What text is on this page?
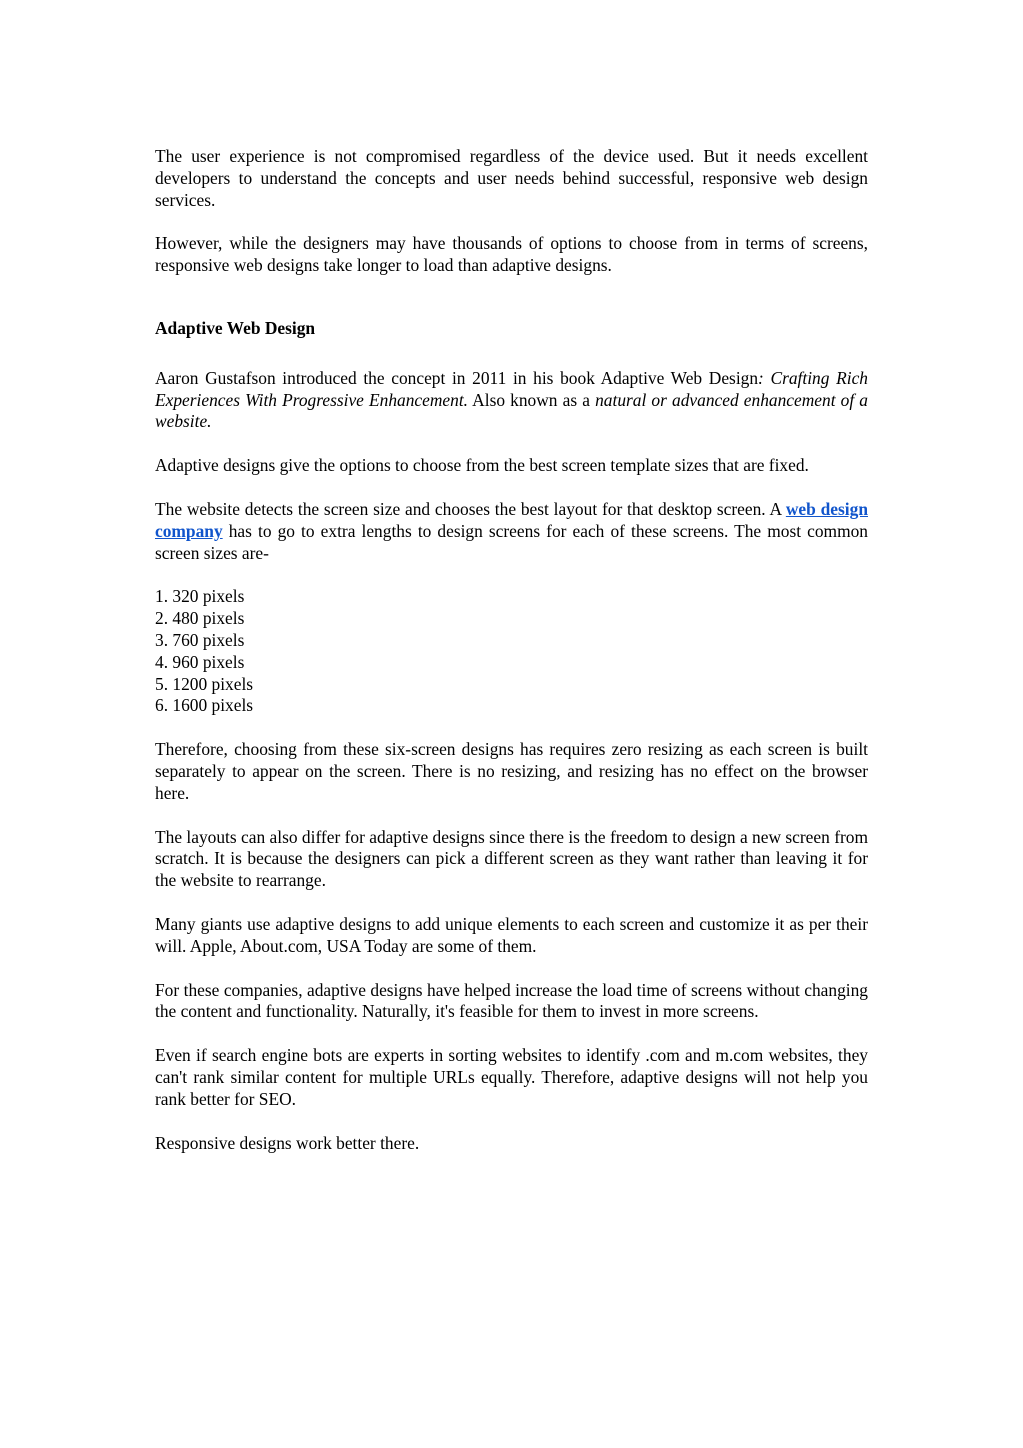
The user experience is not compromised regardless of the device used. But it needs excellent developers to understand the concepts and user needs behind successful, responsive web design services.

However, while the designers may have thousands of options to choose from in terms of screens, responsive web designs take longer to load than adaptive designs.

Adaptive Web Design

Aaron Gustafson introduced the concept in 2011 in his book Adaptive Web Design: Crafting Rich Experiences With Progressive Enhancement. Also known as a natural or advanced enhancement of a website.

Adaptive designs give the options to choose from the best screen template sizes that are fixed.

The website detects the screen size and chooses the best layout for that desktop screen. A web design company has to go to extra lengths to design screens for each of these screens. The most common screen sizes are-

1. 320 pixels
2. 480 pixels
3. 760 pixels
4. 960 pixels
5. 1200 pixels
6. 1600 pixels

Therefore, choosing from these six-screen designs has requires zero resizing as each screen is built separately to appear on the screen. There is no resizing, and resizing has no effect on the browser here.

The layouts can also differ for adaptive designs since there is the freedom to design a new screen from scratch. It is because the designers can pick a different screen as they want rather than leaving it for the website to rearrange.

Many giants use adaptive designs to add unique elements to each screen and customize it as per their will. Apple, About.com, USA Today are some of them.

For these companies, adaptive designs have helped increase the load time of screens without changing the content and functionality. Naturally, it's feasible for them to invest in more screens.

Even if search engine bots are experts in sorting websites to identify .com and m.com websites, they can't rank similar content for multiple URLs equally. Therefore, adaptive designs will not help you rank better for SEO.

Responsive designs work better there.
